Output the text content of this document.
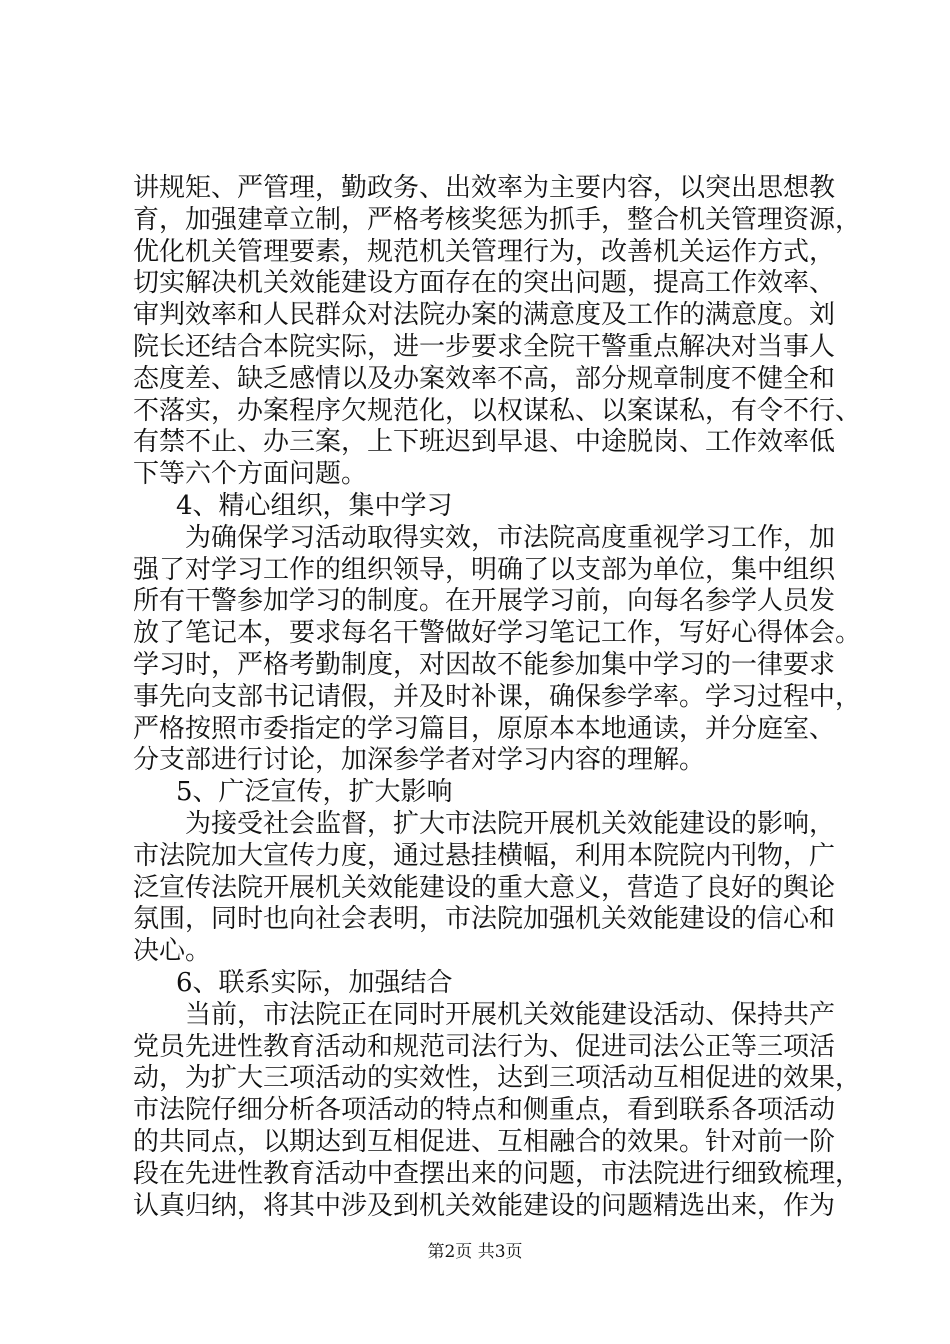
讲规矩、严管理，勤政务、出效率为主要内容，以突出思想教
育，加强建章立制，严格考核奖惩为抓手，整合机关管理资源，
优化机关管理要素，规范机关管理行为，改善机关运作方式，
切实解决机关效能建设方面存在的突出问题，提高工作效率、
审判效率和人民群众对法院办案的满意度及工作的满意度。刘
院长还结合本院实际，进一步要求全院干警重点解决对当事人
态度差、缺乏感情以及办案效率不高，部分规章制度不健全和
不落实，办案程序欠规范化，以权谋私、以案谋私，有令不行、
有禁不止、办三案，上下班迟到早退、中途脱岗、工作效率低
下等六个方面问题。
4、精心组织，集中学习
为确保学习活动取得实效，市法院高度重视学习工作，加
强了对学习工作的组织领导，明确了以支部为单位，集中组织
所有干警参加学习的制度。在开展学习前，向每名参学人员发
放了笔记本，要求每名干警做好学习笔记工作，写好心得体会。
学习时，严格考勤制度，对因故不能参加集中学习的一律要求
事先向支部书记请假，并及时补课，确保参学率。学习过程中，
严格按照市委指定的学习篇目，原原本本地通读，并分庭室、
分支部进行讨论，加深参学者对学习内容的理解。
5、广泛宣传，扩大影响
为接受社会监督，扩大市法院开展机关效能建设的影响，
市法院加大宣传力度，通过悬挂横幅，利用本院院内刊物，广
泛宣传法院开展机关效能建设的重大意义，营造了良好的舆论
氛围，同时也向社会表明，市法院加强机关效能建设的信心和
决心。
6、联系实际，加强结合
当前，市法院正在同时开展机关效能建设活动、保持共产
党员先进性教育活动和规范司法行为、促进司法公正等三项活
动，为扩大三项活动的实效性，达到三项活动互相促进的效果，
市法院仔细分析各项活动的特点和侧重点，看到联系各项活动
的共同点，以期达到互相促进、互相融合的效果。针对前一阶
段在先进性教育活动中查摆出来的问题，市法院进行细致梳理，
认真归纳，将其中涉及到机关效能建设的问题精选出来，作为
第2页 共3页
